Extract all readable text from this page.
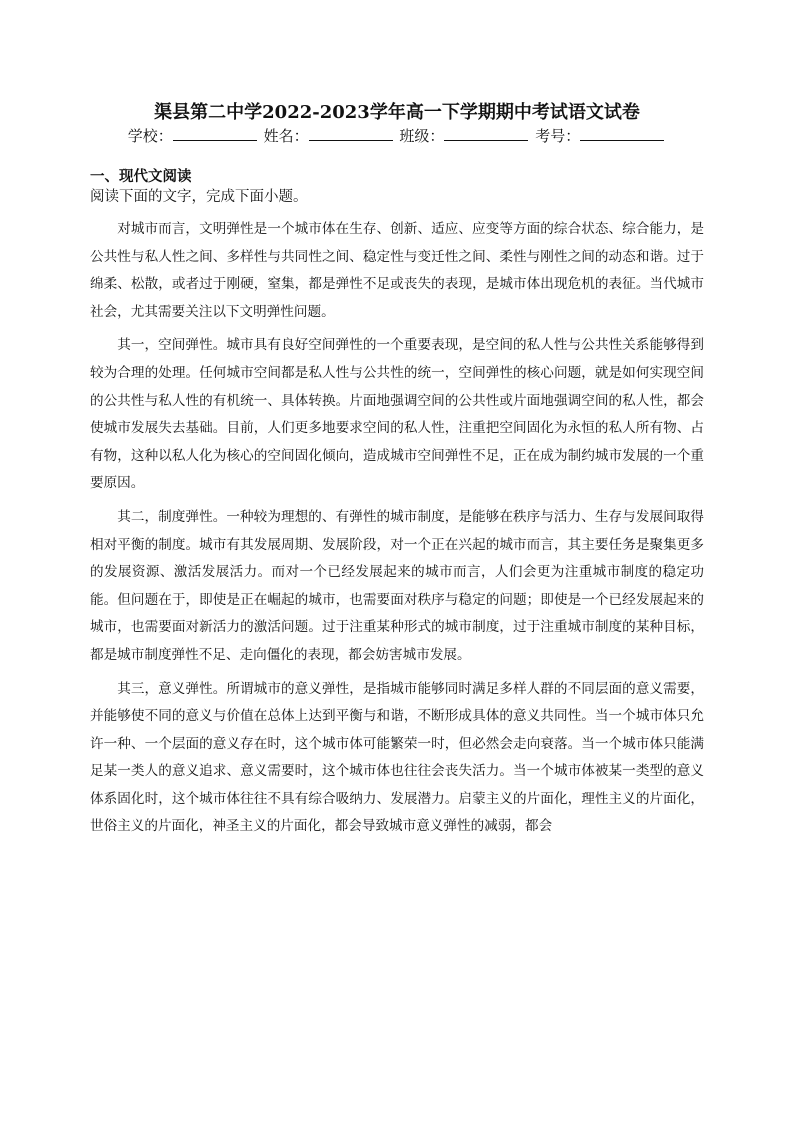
渠县第二中学2022-2023学年高一下学期期中考试语文试卷
学校：	姓名：	班级：	考号：
一、现代文阅读
阅读下面的文字，完成下面小题。

对城市而言，文明弹性是一个城市体在生存、创新、适应、应变等方面的综合状态、综合能力，是公共性与私人性之间、多样性与共同性之间、稳定性与变迁性之间、柔性与刚性之间的动态和谐。过于绵柔、松散，或者过于刚硬，窒集，都是弹性不足或丧失的表现，是城市体出现危机的表征。当代城市社会，尤其需要关注以下文明弹性问题。

其一，空间弹性。城市具有良好空间弹性的一个重要表现，是空间的私人性与公共性关系能够得到较为合理的处理。任何城市空间都是私人性与公共性的统一，空间弹性的核心问题，就是如何实现空间的公共性与私人性的有机统一、具体转换。片面地强调空间的公共性或片面地强调空间的私人性，都会使城市发展失去基础。目前，人们更多地要求空间的私人性，注重把空间固化为永恒的私人所有物、占有物，这种以私人化为核心的空间固化倾向，造成城市空间弹性不足，正在成为制约城市发展的一个重要原因。

其二，制度弹性。一种较为理想的、有弹性的城市制度，是能够在秩序与活力、生存与发展间取得相对平衡的制度。城市有其发展周期、发展阶段，对一个正在兴起的城市而言，其主要任务是聚集更多的发展资源、激活发展活力。而对一个已经发展起来的城市而言，人们会更为注重城市制度的稳定功能。但问题在于，即使是正在崛起的城市，也需要面对秩序与稳定的问题；即使是一个已经发展起来的城市，也需要面对新活力的激活问题。过于注重某种形式的城市制度，过于注重城市制度的某种目标，都是城市制度弹性不足、走向僵化的表现，都会妨害城市发展。

其三，意义弹性。所谓城市的意义弹性，是指城市能够同时满足多样人群的不同层面的意义需要，并能够使不同的意义与价值在总体上达到平衡与和谐，不断形成具体的意义共同性。当一个城市体只允许一种、一个层面的意义存在时，这个城市体可能繁荣一时，但必然会走向衰落。当一个城市体只能满足某一类人的意义追求、意义需要时，这个城市体也往往会丧失活力。当一个城市体被某一类型的意义体系固化时，这个城市体往往不具有综合吸纳力、发展潜力。启蒙主义的片面化，理性主义的片面化，世俗主义的片面化，神圣主义的片面化，都会导致城市意义弹性的减弱，都会
